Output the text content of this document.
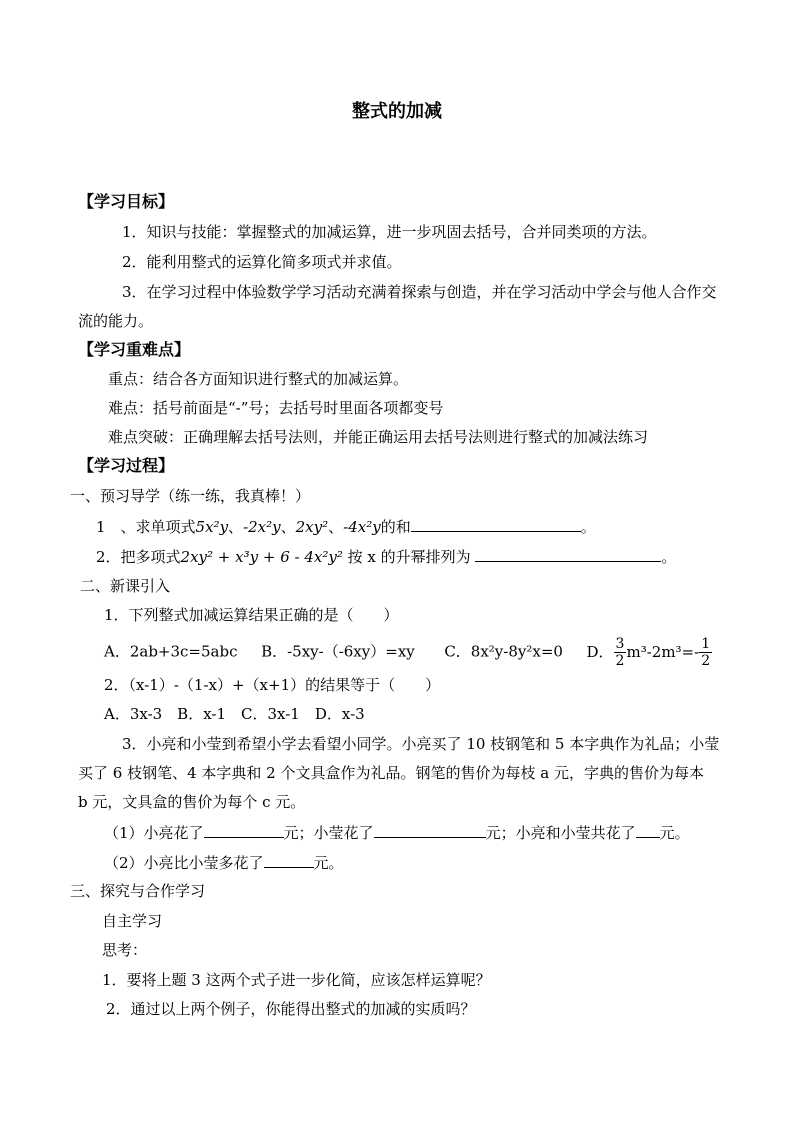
整式的加减
【学习目标】
1．知识与技能：掌握整式的加减运算，进一步巩固去括号，合并同类项的方法。
2．能利用整式的运算化简多项式并求值。
3．在学习过程中体验数学学习活动充满着探索与创造，并在学习活动中学会与他人合作交
流的能力。
【学习重难点】
重点：结合各方面知识进行整式的加减运算。
难点：括号前面是“-”号；去括号时里面各项都变号
难点突破：正确理解去括号法则，并能正确运用去括号法则进行整式的加减法练习
【学习过程】
一、预习导学（练一练，我真棒！）
1　、求单项式5x²y、-2x²y、2xy²、-4x²y的和	。
2．把多项式2xy² + x³y + 6 - 4x²y² 按 x 的升幂排列为	。
二、新课引入
1．下列整式加减运算结果正确的是（　　）
A．2ab+3c=5abc B．-5xy-（-6xy）=xy C．8x²y-8y²x=0 D． $\frac{3}{2} m^3-2m^3=- \frac{1}{2}$
2．（x-1）-（1-x）+（x+1）的结果等于（　　）
A．3x-3　B．x-1　C．3x-1　D．x-3
3．小亮和小莹到希望小学去看望小同学。小亮买了 10 枝钢笔和 5 本字典作为礼品；小莹
买了 6 枝钢笔、4 本字典和 2 个文具盒作为礼品。钢笔的售价为每枝 a 元，字典的售价为每本
b 元，文具盒的售价为每个 c 元。
（1）小亮花了	元；小莹花了	元；小亮和小莹共花了 元。
（2）小亮比小莹多花了	元。
三、探究与合作学习
自主学习
思考：
1．要将上题 3 这两个式子进一步化简，应该怎样运算呢？
2．通过以上两个例子，你能得出整式的加减的实质吗？
